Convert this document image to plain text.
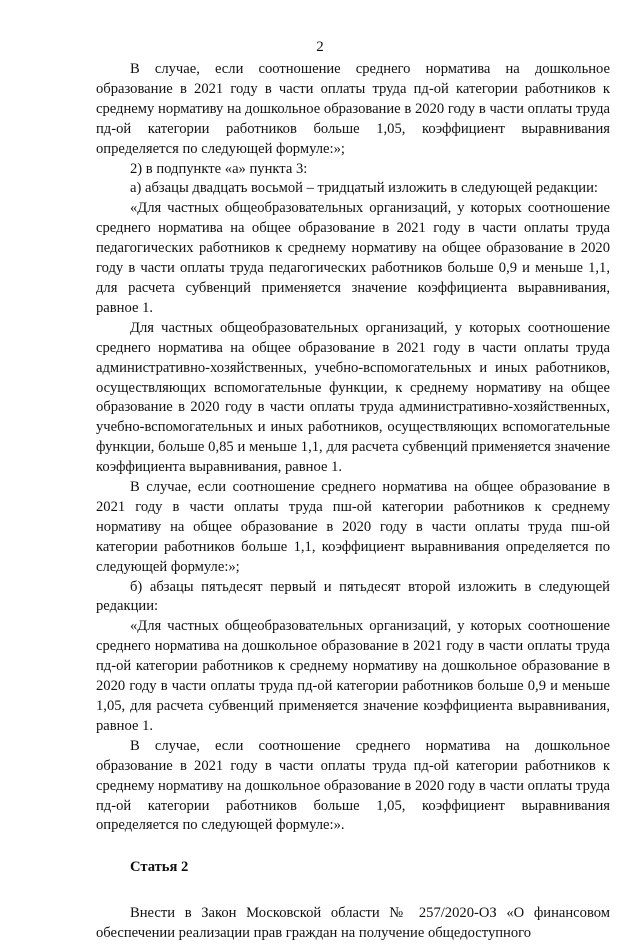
2

В случае, если соотношение среднего норматива на дошкольное образование в 2021 году в части оплаты труда пд-ой категории работников к среднему нормативу на дошкольное образование в 2020 году в части оплаты труда пд-ой категории работников больше 1,05, коэффициент выравнивания определяется по следующей формуле:»;

2) в подпункте «а» пункта 3:

а) абзацы двадцать восьмой – тридцатый изложить в следующей редакции:

«Для частных общеобразовательных организаций, у которых соотношение среднего норматива на общее образование в 2021 году в части оплаты труда педагогических работников к среднему нормативу на общее образование в 2020 году в части оплаты труда педагогических работников больше 0,9 и меньше 1,1, для расчета субвенций применяется значение коэффициента выравнивания, равное 1.

Для частных общеобразовательных организаций, у которых соотношение среднего норматива на общее образование в 2021 году в части оплаты труда административно-хозяйственных, учебно-вспомогательных и иных работников, осуществляющих вспомогательные функции, к среднему нормативу на общее образование в 2020 году в части оплаты труда административно-хозяйственных, учебно-вспомогательных и иных работников, осуществляющих вспомогательные функции, больше 0,85 и меньше 1,1, для расчета субвенций применяется значение коэффициента выравнивания, равное 1.

В случае, если соотношение среднего норматива на общее образование в 2021 году в части оплаты труда пш-ой категории работников к среднему нормативу на общее образование в 2020 году в части оплаты труда пш-ой категории работников больше 1,1, коэффициент выравнивания определяется по следующей формуле:»;

б) абзацы пятьдесят первый и пятьдесят второй изложить в следующей редакции:

«Для частных общеобразовательных организаций, у которых соотношение среднего норматива на дошкольное образование в 2021 году в части оплаты труда пд-ой категории работников к среднему нормативу на дошкольное образование в 2020 году в части оплаты труда пд-ой категории работников больше 0,9 и меньше 1,05, для расчета субвенций применяется значение коэффициента выравнивания, равное 1.

В случае, если соотношение среднего норматива на дошкольное образование в 2021 году в части оплаты труда пд-ой категории работников к среднему нормативу на дошкольное образование в 2020 году в части оплаты труда пд-ой категории работников больше 1,05, коэффициент выравнивания определяется по следующей формуле:».

Статья 2

Внести в Закон Московской области № 257/2020-ОЗ «О финансовом обеспечении реализации прав граждан на получение общедоступного
